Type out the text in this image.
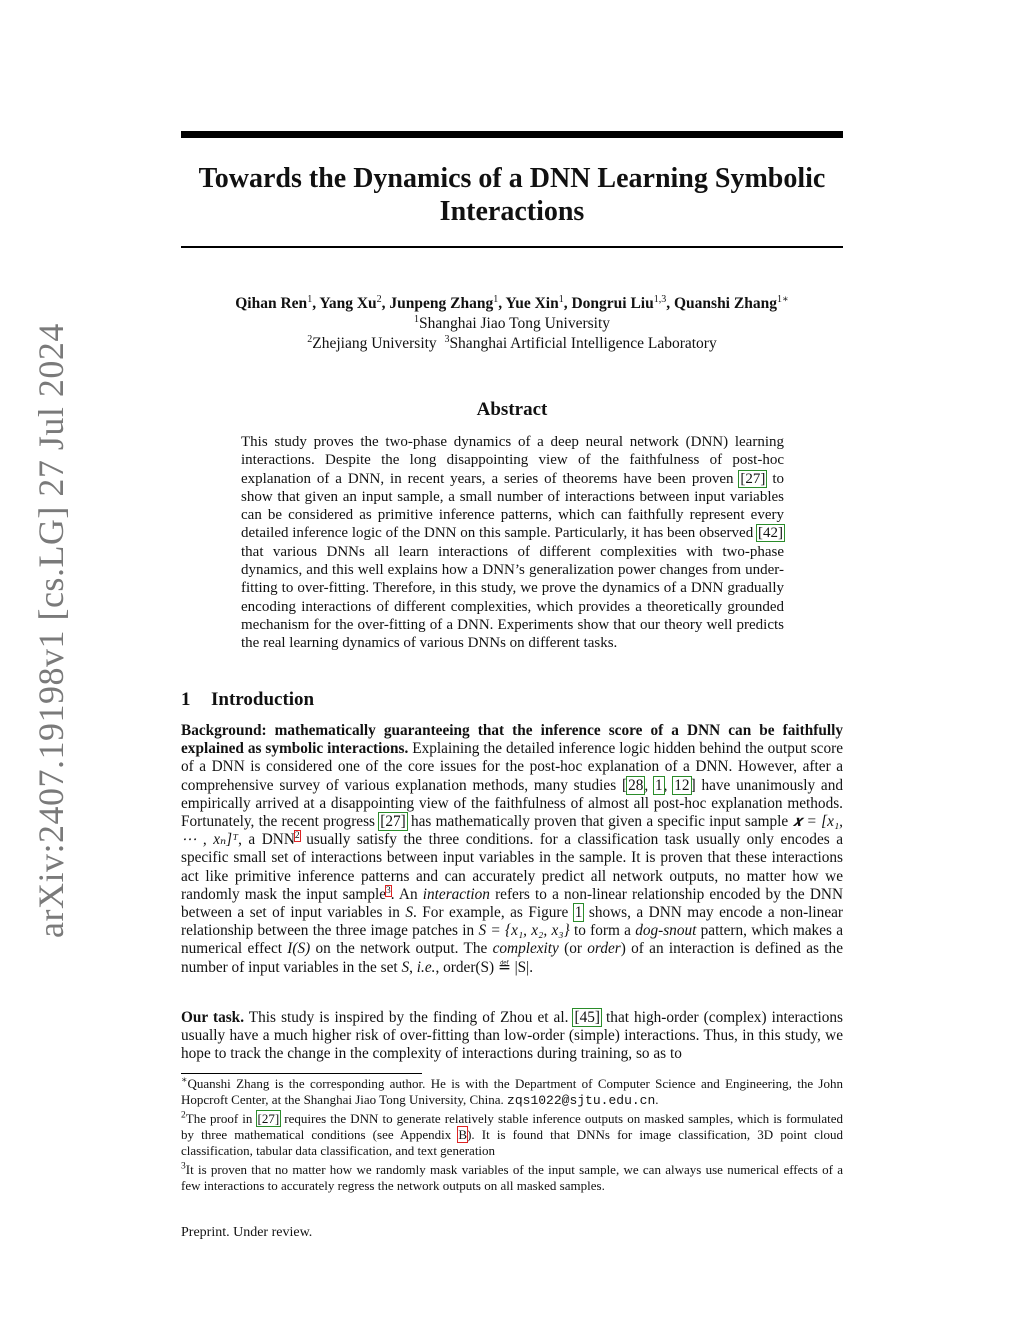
arXiv:2407.19198v1 [cs.LG] 27 Jul 2024
Towards the Dynamics of a DNN Learning Symbolic
Interactions
Qihan Ren$^1$, Yang Xu$^2$, Junpeng Zhang$^1$, Yue Xin$^1$, Dongrui Liu$^{1,3}$, Quanshi Zhang$^{1∗}$
$^1$Shanghai Jiao Tong University
$^2$Zhejiang University $^3$Shanghai Artificial Intelligence Laboratory
Abstract

This study proves the two-phase dynamics of a deep neural network (DNN) learning interactions. Despite the long disappointing view of the faithfulness of post-hoc explanation of a DNN, in recent years, a series of theorems have been proven [27] to show that given an input sample, a small number of interactions between input variables can be considered as primitive inference patterns, which can faithfully represent every detailed inference logic of the DNN on this sample. Particularly, it has been observed [42] that various DNNs all learn interactions of different complexities with two-phase dynamics, and this well explains how a DNN’s generalization power changes from under-fitting to over-fitting. Therefore, in this study, we prove the dynamics of a DNN gradually encoding interactions of different complexities, which provides a theoretically grounded mechanism for the over-fitting of a DNN. Experiments show that our theory well predicts the real learning dynamics of various DNNs on different tasks.

1 Introduction

Background: mathematically guaranteeing that the inference score of a DNN can be faithfully explained as symbolic interactions. Explaining the detailed inference logic hidden behind the output score of a DNN is considered one of the core issues for the post-hoc explanation of a DNN. However, after a comprehensive survey of various explanation methods, many studies [28, 1, 12] have unanimously and empirically arrived at a disappointing view of the faithfulness of almost all post-hoc explanation methods. Fortunately, the recent progress [27] has mathematically proven that given a specific input sample 𝒙 = [x₁, ⋯ , xₙ]ᵀ, a DNN$^2$ usually satisfy the three conditions. for a classification task usually only encodes a specific small set of interactions between input variables in the sample. It is proven that these interactions act like primitive inference patterns and can accurately predict all network outputs, no matter how we randomly mask the input sample$^3$. An interaction refers to a non-linear relationship encoded by the DNN between a set of input variables in S. For example, as Figure 1 shows, a DNN may encode a non-linear relationship between the three image patches in S = {x₁, x₂, x₃} to form a dog-snout pattern, which makes a numerical effect I(S) on the network output. The complexity (or order) of an interaction is defined as the number of input variables in the set S, i.e., order(S) ≝ |S|.

Our task. This study is inspired by the finding of Zhou et al. [45] that high-order (complex) interactions usually have a much higher risk of over-fitting than low-order (simple) interactions. Thus, in this study, we hope to track the change in the complexity of interactions during training, so as to

∗Quanshi Zhang is the corresponding author. He is with the Department of Computer Science and Engineering, the John Hopcroft Center, at the Shanghai Jiao Tong University, China. zqs1022@sjtu.edu.cn.

$^2$The proof in [27] requires the DNN to generate relatively stable inference outputs on masked samples, which is formulated by three mathematical conditions (see Appendix B). It is found that DNNs for image classification, 3D point cloud classification, tabular data classification, and text generation

$^3$It is proven that no matter how we randomly mask variables of the input sample, we can always use numerical effects of a few interactions to accurately regress the network outputs on all masked samples.

Preprint. Under review.
